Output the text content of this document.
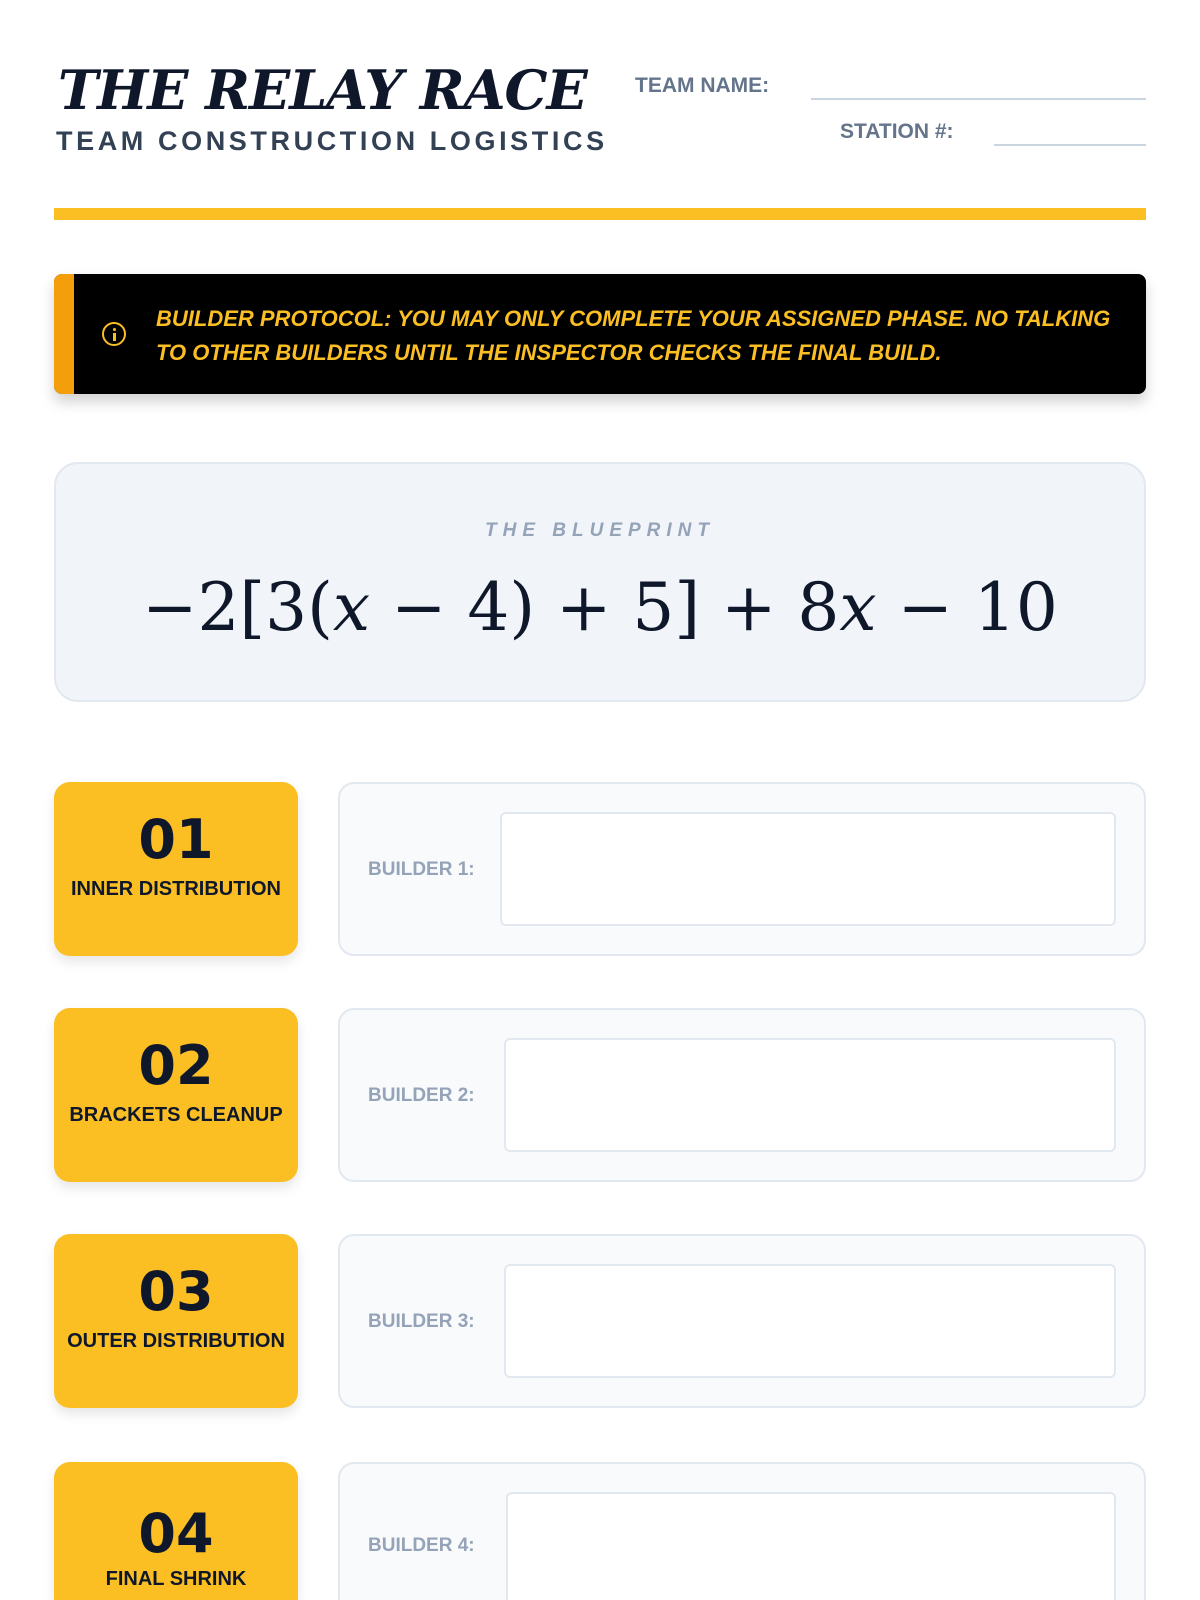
THE RELAY RACE
TEAM CONSTRUCTION LOGISTICS
TEAM NAME:
STATION #:
BUILDER PROTOCOL: YOU MAY ONLY COMPLETE YOUR ASSIGNED PHASE. NO TALKING TO OTHER BUILDERS UNTIL THE INSPECTOR CHECKS THE FINAL BUILD.
THE BLUEPRINT
−2[3(𝑥 − 4) + 5] + 8𝑥 − 10
01
INNER DISTRIBUTION
BUILDER 1:
02
BRACKETS CLEANUP
BUILDER 2:
03
OUTER DISTRIBUTION
BUILDER 3:
04
FINAL SHRINK
BUILDER 4:
